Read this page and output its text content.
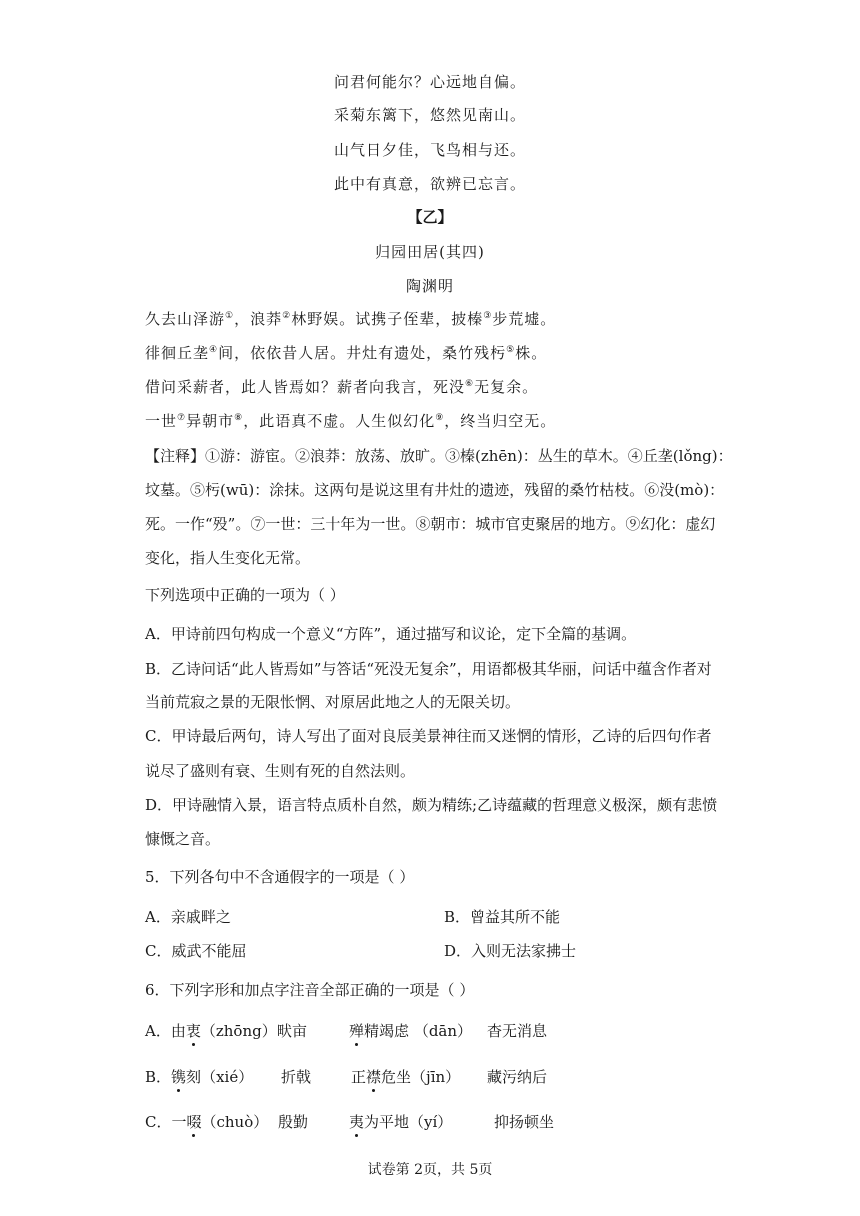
问君何能尔？心远地自偏。
采菊东篱下，悠然见南山。
山气日夕佳，飞鸟相与还。
此中有真意，欲辨已忘言。
【乙】
归园田居(其四)
陶渊明
久去山泽游①，浪莽②林野娱。试携子侄辈，披榛③步荒墟。
徘徊丘垄④间，依依昔人居。井灶有遗处，桑竹残杇⑤株。
借问采薪者，此人皆焉如？薪者向我言，死没⑥无复余。
一世⑦异朝市⑧，此语真不虚。人生似幻化⑨，终当归空无。
【注释】①游：游宦。②浪莽：放荡、放旷。③榛(zhēn)：丛生的草木。④丘垄(lǒng)：
坟墓。⑤杇(wū)：涂抹。这两句是说这里有井灶的遗迹，残留的桑竹枯枝。⑥没(mò)：
死。一作“殁”。⑦一世：三十年为一世。⑧朝市：城市官吏聚居的地方。⑨幻化：虚幻
变化，指人生变化无常。
下列选项中正确的一项为（ ）
A．甲诗前四句构成一个意义“方阵”，通过描写和议论，定下全篇的基调。
B．乙诗问话“此人皆焉如”与答话“死没无复余”，用语都极其华丽，问话中蕴含作者对
当前荒寂之景的无限怅惘、对原居此地之人的无限关切。
C．甲诗最后两句，诗人写出了面对良辰美景神往而又迷惘的情形，乙诗的后四句作者
说尽了盛则有衰、生则有死的自然法则。
D．甲诗融情入景，语言特点质朴自然，颇为精练;乙诗蕴藏的哲理意义极深，颇有悲愤
慷慨之音。
5．下列各句中不含通假字的一项是（ ）
A．亲戚畔之	B．曾益其所不能
C．威武不能屈	D．入则无法家拂士
6．下列字形和加点字注音全部正确的一项是（ ）
A．由衷（zhōng） 畎亩	殚精竭虑 （dān） 杳无消息
B．镌刻（xié） 折戟	正襟危坐（jīn） 藏污纳后
C．一啜（chuò） 殷勤	夷为平地（yí）	抑扬顿坐
试卷第 2页，共 5页
